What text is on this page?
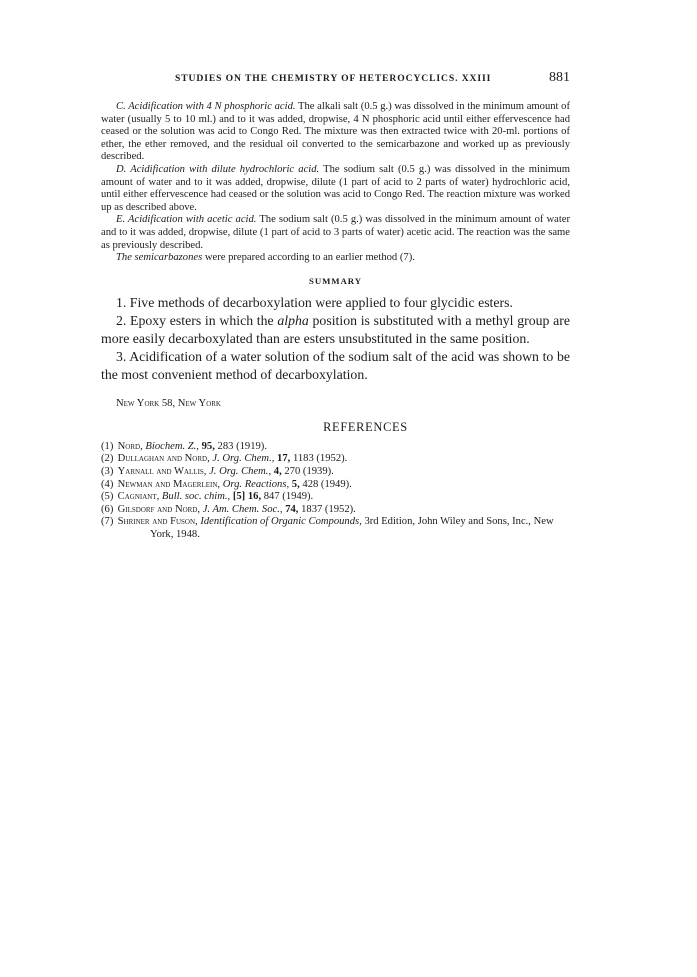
STUDIES ON THE CHEMISTRY OF HETEROCYCLICS. XXIII	881

C. Acidification with 4 N phosphoric acid. The alkali salt (0.5 g.) was dissolved in the minimum amount of water (usually 5 to 10 ml.) and to it was added, dropwise, 4 N phosphoric acid until either effervescence had ceased or the solution was acid to Congo Red. The mixture was then extracted twice with 20-ml. portions of ether, the ether removed, and the residual oil converted to the semicarbazone and worked up as previously described.

D. Acidification with dilute hydrochloric acid. The sodium salt (0.5 g.) was dissolved in the minimum amount of water and to it was added, dropwise, dilute (1 part of acid to 2 parts of water) hydrochloric acid, until either effervescence had ceased or the solution was acid to Congo Red. The reaction mixture was worked up as described above.

E. Acidification with acetic acid. The sodium salt (0.5 g.) was dissolved in the minimum amount of water and to it was added, dropwise, dilute (1 part of acid to 3 parts of water) acetic acid. The reaction was the same as previously described.

The semicarbazones were prepared according to an earlier method (7).

SUMMARY

1. Five methods of decarboxylation were applied to four glycidic esters.

2. Epoxy esters in which the alpha position is substituted with a methyl group are more easily decarboxylated than are esters unsubstituted in the same position.

3. Acidification of a water solution of the sodium salt of the acid was shown to be the most convenient method of decarboxylation.

New York 58, New York
REFERENCES

(1) Nord, Biochem. Z., 95, 283 (1919).

(2) Dullaghan and Nord, J. Org. Chem., 17, 1183 (1952).

(3) Yarnall and Wallis, J. Org. Chem., 4, 270 (1939).

(4) Newman and Magerlein, Org. Reactions, 5, 428 (1949).

(5) Cagniant, Bull. soc. chim., [5] 16, 847 (1949).

(6) Gilsdorf and Nord, J. Am. Chem. Soc., 74, 1837 (1952).

(7) Shriner and Fuson, Identification of Organic Compounds, 3rd Edition, John Wiley and Sons, Inc., New York, 1948.
